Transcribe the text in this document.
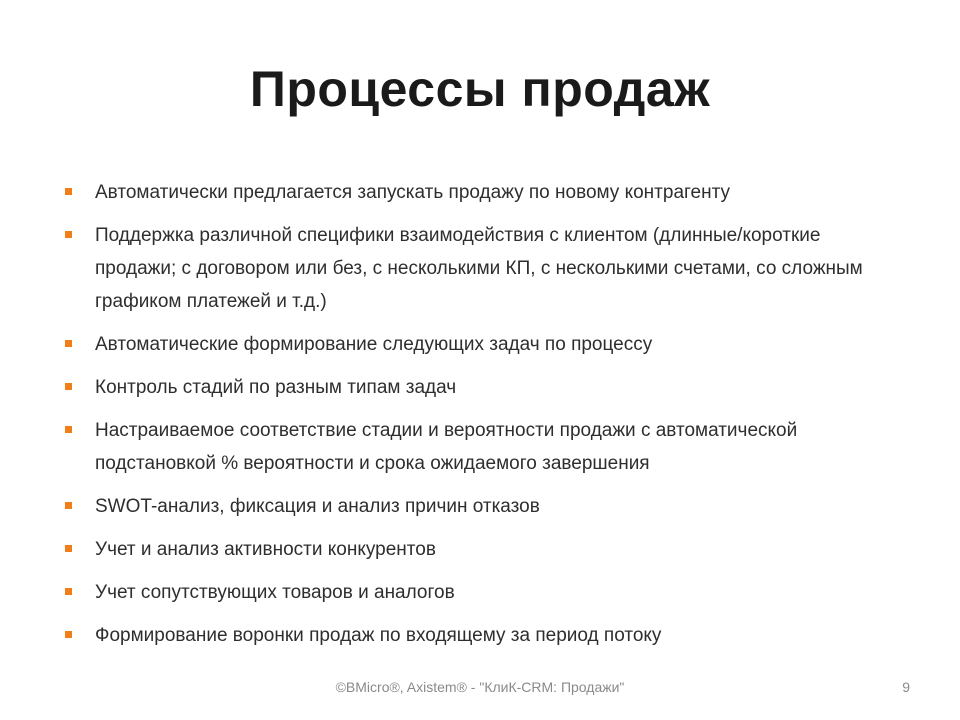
Процессы продаж
Автоматически предлагается запускать продажу по новому контрагенту
Поддержка различной специфики взаимодействия с клиентом (длинные/короткие продажи; с договором или без, с несколькими КП, с несколькими счетами, со сложным графиком платежей и т.д.)
Автоматические формирование следующих задач по процессу
Контроль стадий по разным типам задач
Настраиваемое соответствие стадии и вероятности продажи с автоматической подстановкой % вероятности и срока ожидаемого завершения
SWOT-анализ, фиксация и анализ причин отказов
Учет и анализ активности конкурентов
Учет сопутствующих товаров и аналогов
Формирование воронки продаж по входящему за период потоку
©BMicro®, Axistem® - "КлиК-CRM: Продажи"	9
